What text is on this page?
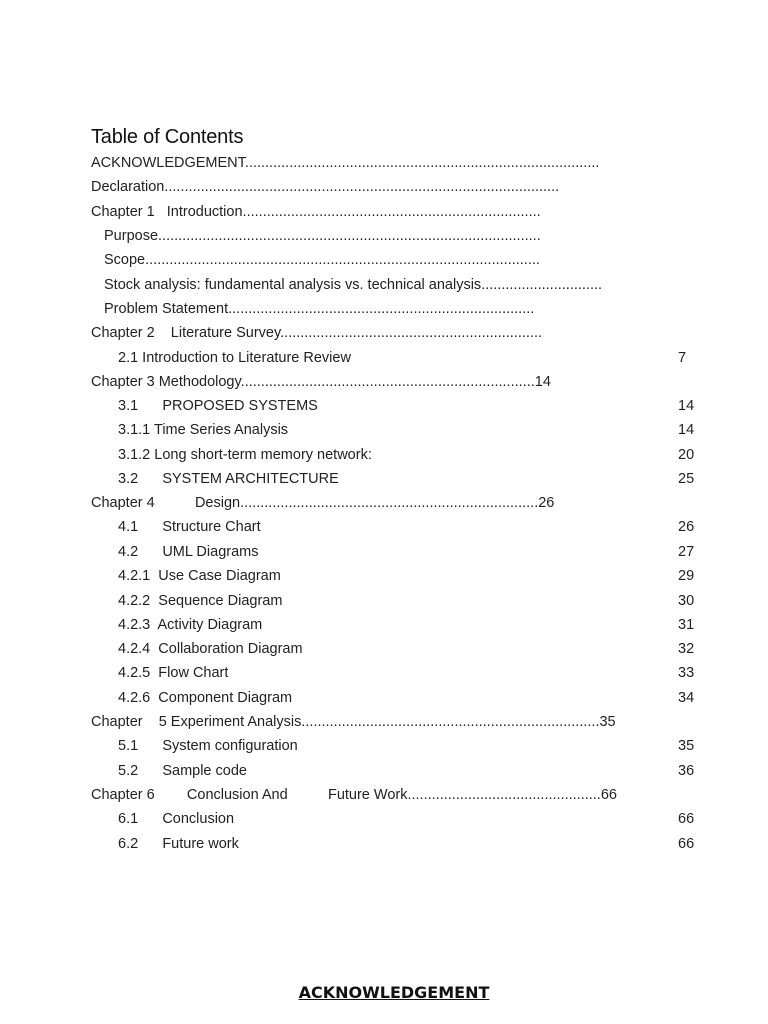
Table of Contents
ACKNOWLEDGEMENT........................................................................................
Declaration..................................................................................................
Chapter 1   Introduction..........................................................................
Purpose...............................................................................................
Scope..................................................................................................
Stock analysis: fundamental analysis vs. technical analysis..............................
Problem Statement............................................................................
Chapter 2    Literature Survey.................................................................
2.1 Introduction to Literature Review	7
Chapter 3 Methodology.........................................................................14
3.1      PROPOSED SYSTEMS	14
3.1.1 Time Series Analysis	14
3.1.2 Long short-term memory network:	20
3.2      SYSTEM ARCHITECTURE	25
Chapter 4          Design..........................................................................26
4.1      Structure Chart	26
4.2      UML Diagrams	27
4.2.1  Use Case Diagram	29
4.2.2  Sequence Diagram	30
4.2.3  Activity Diagram	31
4.2.4  Collaboration Diagram	32
4.2.5  Flow Chart	33
4.2.6  Component Diagram	34
Chapter    5 Experiment Analysis..........................................................................35
5.1      System configuration	35
5.2      Sample code	36
Chapter 6        Conclusion And          Future Work................................................66
6.1      Conclusion	66
6.2      Future work	66
ACKNOWLEDGEMENT
